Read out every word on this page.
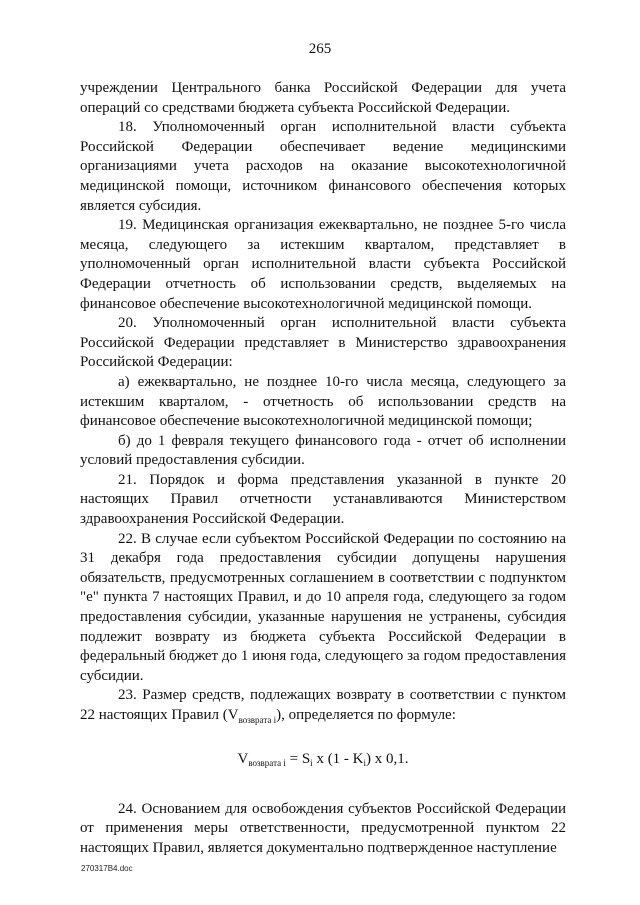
265

учреждении Центрального банка Российской Федерации для учета операций со средствами бюджета субъекта Российской Федерации.

18. Уполномоченный орган исполнительной власти субъекта Российской Федерации обеспечивает ведение медицинскими организациями учета расходов на оказание высокотехнологичной медицинской помощи, источником финансового обеспечения которых является субсидия.

19. Медицинская организация ежеквартально, не позднее 5-го числа месяца, следующего за истекшим кварталом, представляет в уполномоченный орган исполнительной власти субъекта Российской Федерации отчетность об использовании средств, выделяемых на финансовое обеспечение высокотехнологичной медицинской помощи.

20. Уполномоченный орган исполнительной власти субъекта Российской Федерации представляет в Министерство здравоохранения Российской Федерации:

а) ежеквартально, не позднее 10-го числа месяца, следующего за истекшим кварталом, - отчетность об использовании средств на финансовое обеспечение высокотехнологичной медицинской помощи;

б) до 1 февраля текущего финансового года - отчет об исполнении условий предоставления субсидии.

21. Порядок и форма представления указанной в пункте 20 настоящих Правил отчетности устанавливаются Министерством здравоохранения Российской Федерации.

22. В случае если субъектом Российской Федерации по состоянию на 31 декабря года предоставления субсидии допущены нарушения обязательств, предусмотренных соглашением в соответствии с подпунктом "е" пункта 7 настоящих Правил, и до 10 апреля года, следующего за годом предоставления субсидии, указанные нарушения не устранены, субсидия подлежит возврату из бюджета субъекта Российской Федерации в федеральный бюджет до 1 июня года, следующего за годом предоставления субсидии.

23. Размер средств, подлежащих возврату в соответствии с пунктом 22 настоящих Правил $(V_{возврата i})$, определяется по формуле:

$V_{возврата i} = S_i$ x $(1 - K_i)$ x 0,1.

24. Основанием для освобождения субъектов Российской Федерации от применения меры ответственности, предусмотренной пунктом 22 настоящих Правил, является документально подтвержденное наступление

270317В4.doc
